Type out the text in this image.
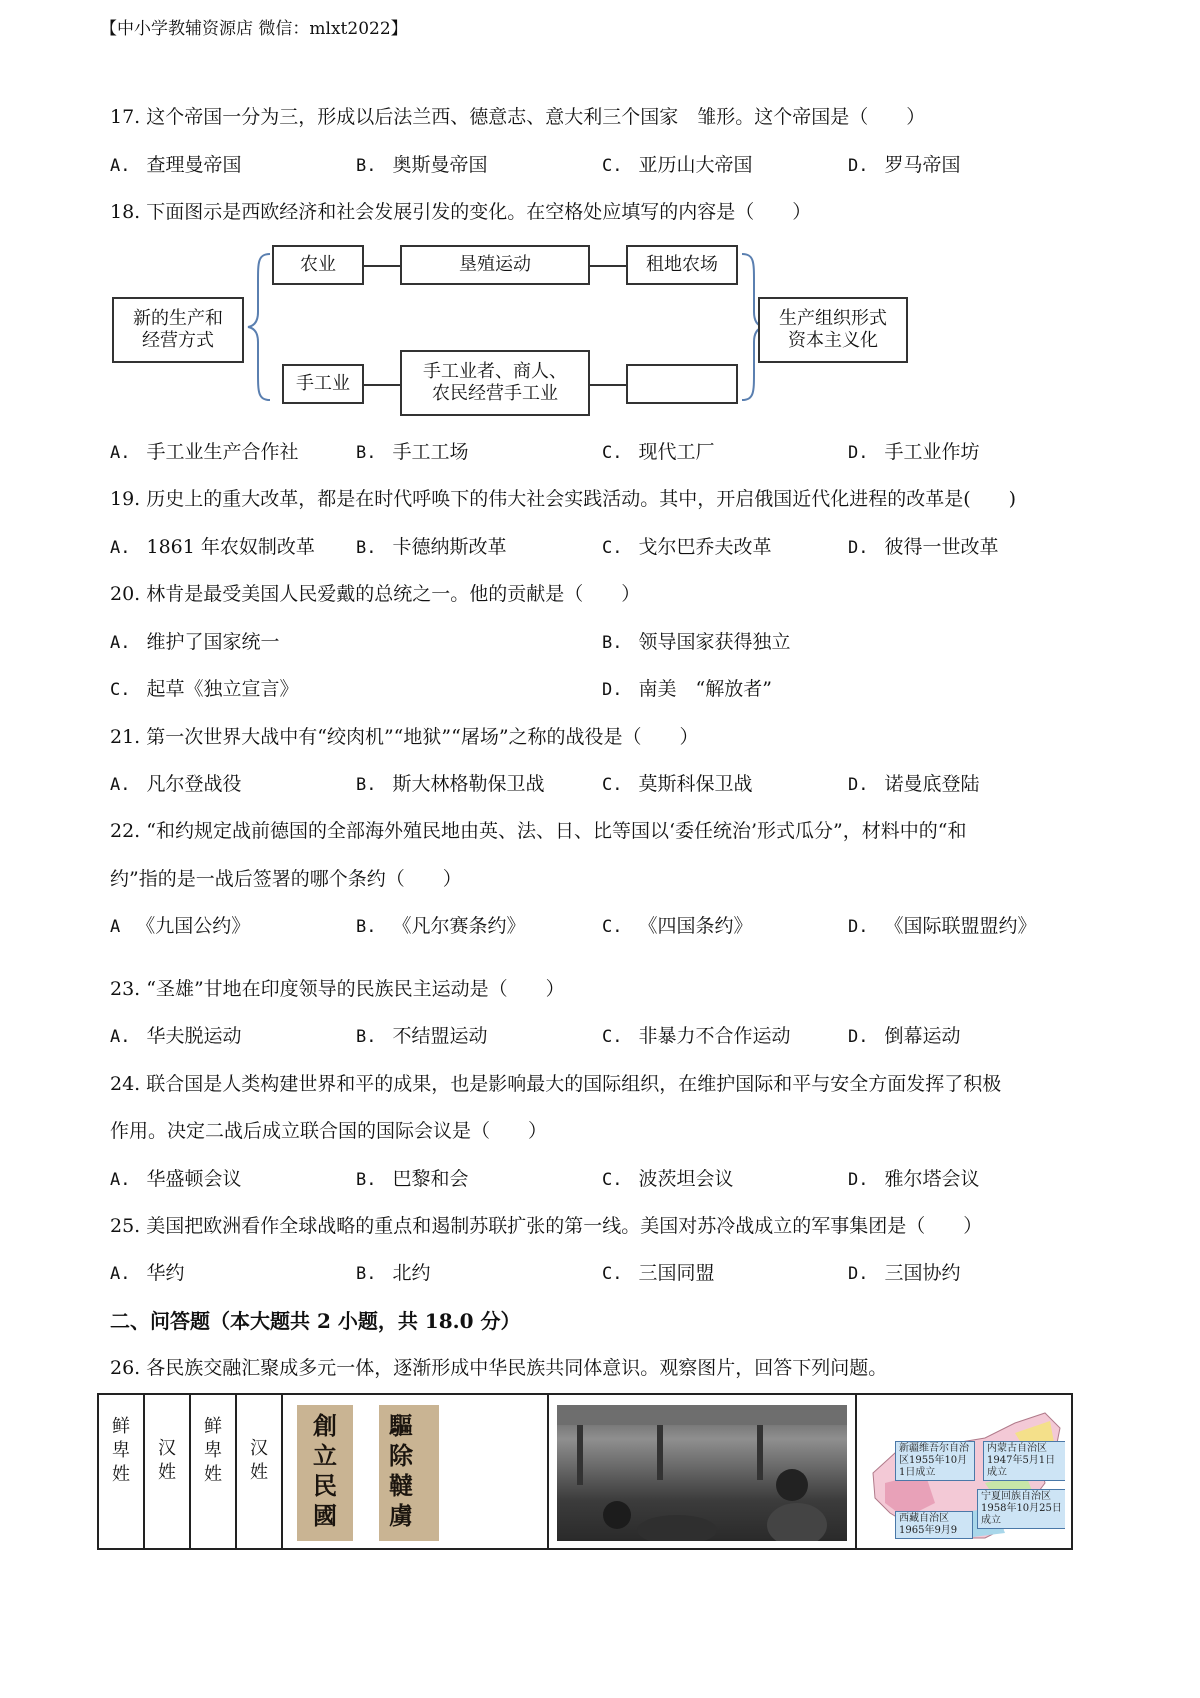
【中小学教辅资源店 微信：mlxt2022】
17. 这个帝国一分为三，形成以后法兰西、德意志、意大利三个国家　雏形。这个帝国是（　　）
A. 查理曼帝国	B. 奥斯曼帝国	C. 亚历山大帝国	D. 罗马帝国
18. 下面图示是西欧经济和社会发展引发的变化。在空格处应填写的内容是（　　）
新的生产和经营方式
农业	垦殖运动	租地农场
手工业
手工业者、商人、农民经营手工业
生产组织形式资本主义化
A. 手工业生产合作社	B. 手工工场	C. 现代工厂	D. 手工业作坊
19. 历史上的重大改革，都是在时代呼唤下的伟大社会实践活动。其中，开启俄国近代化进程的改革是(　　)
A. 1861 年农奴制改革 B. 卡德纳斯改革	C. 戈尔巴乔夫改革	D. 彼得一世改革
20. 林肯是最受美国人民爱戴的总统之一。他的贡献是（　　）
A. 维护了国家统一	B. 领导国家获得独立
C. 起草《独立宣言》	D. 南美　“解放者”
21. 第一次世界大战中有“绞肉机”“地狱”“屠场”之称的战役是（　　）
A. 凡尔登战役	B. 斯大林格勒保卫战	C. 莫斯科保卫战	D. 诺曼底登陆
22. “和约规定战前德国的全部海外殖民地由英、法、日、比等国以‘委任统治’形式瓜分”，材料中的“和
约”指的是一战后签署的哪个条约（　　）
A 《九国公约》	B. 《凡尔赛条约》	C. 《四国条约》	D. 《国际联盟盟约》
23. “圣雄”甘地在印度领导的民族民主运动是（　　）
A. 华夫脱运动	B. 不结盟运动	C. 非暴力不合作运动	D. 倒幕运动
24. 联合国是人类构建世界和平的成果，也是影响最大的国际组织，在维护国际和平与安全方面发挥了积极
作用。决定二战后成立联合国的国际会议是（　　）
A. 华盛顿会议	B. 巴黎和会	C. 波茨坦会议	D. 雅尔塔会议
25. 美国把欧洲看作全球战略的重点和遏制苏联扩张的第一线。美国对苏冷战成立的军事集团是（　　）
A. 华约	B. 北约	C. 三国同盟	D. 三国协约
二、问答题（本大题共 2 小题，共 18.0 分）
26. 各民族交融汇聚成多元一体，逐渐形成中华民族共同体意识。观察图片，回答下列问题。
鲜卑姓
汉姓
鲜卑姓
汉姓
創立民國
驅除韃虜
新疆维吾尔自治区1955年10月1日成立
内蒙古自治区1947年5月1日成立
宁夏回族自治区1958年10月25日成立
西藏自治区1965年9月9
